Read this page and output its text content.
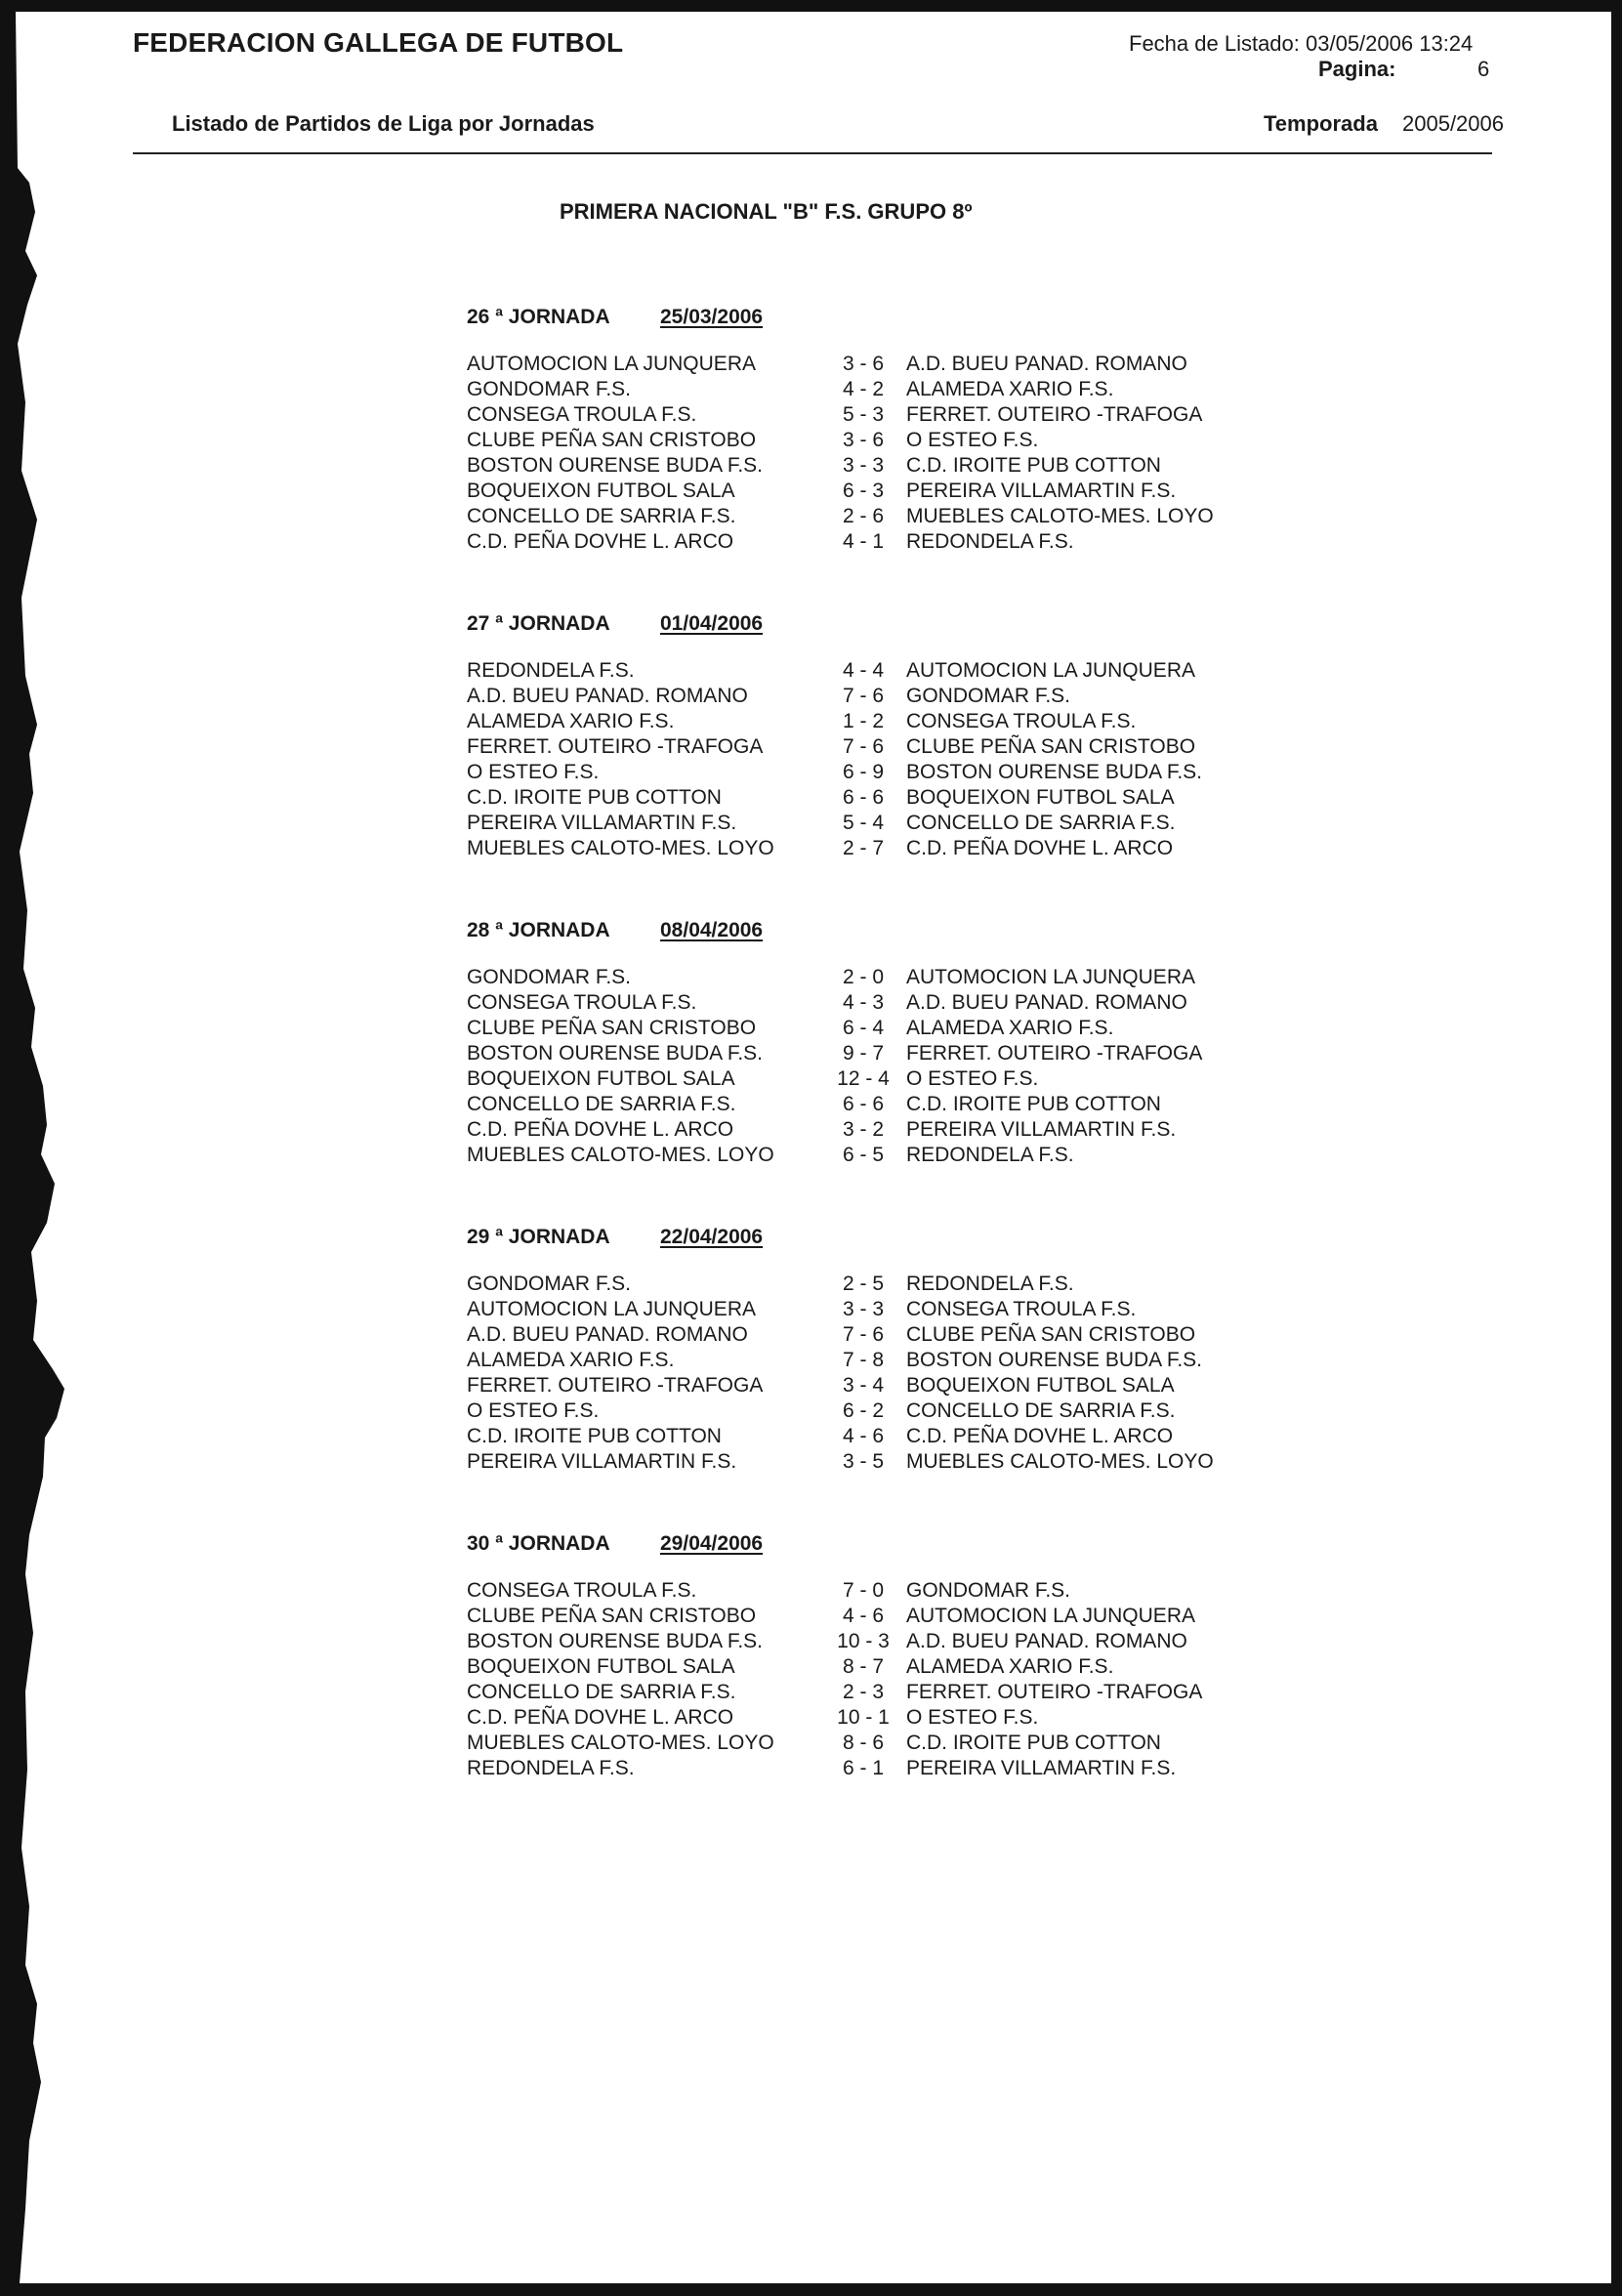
FEDERACION GALLEGA DE FUTBOL	Fecha de Listado: 03/05/2006 13:24
Pagina:	6
Listado de Partidos de Liga por Jornadas	Temporada 2005/2006
PRIMERA NACIONAL "B" F.S. GRUPO 8º
26 ª JORNADA 25/03/2006
AUTOMOCION LA JUNQUERA	3 - 6 A.D. BUEU PANAD. ROMANO
GONDOMAR F.S.	4 - 2 ALAMEDA XARIO F.S.
CONSEGA TROULA F.S.	5 - 3 FERRET. OUTEIRO -TRAFOGA
CLUBE PEÑA SAN CRISTOBO	3 - 6 O ESTEO F.S.
BOSTON OURENSE BUDA F.S.	3 - 3 C.D. IROITE PUB COTTON
BOQUEIXON FUTBOL SALA	6 - 3 PEREIRA VILLAMARTIN F.S.
CONCELLO DE SARRIA F.S.	2 - 6 MUEBLES CALOTO-MES. LOYO
C.D. PEÑA DOVHE L. ARCO	4 - 1 REDONDELA F.S.
27 ª JORNADA 01/04/2006
REDONDELA F.S.	4 - 4 AUTOMOCION LA JUNQUERA
A.D. BUEU PANAD. ROMANO	7 - 6 GONDOMAR F.S.
ALAMEDA XARIO F.S.	1 - 2 CONSEGA TROULA F.S.
FERRET. OUTEIRO -TRAFOGA	7 - 6 CLUBE PEÑA SAN CRISTOBO
O ESTEO F.S.	6 - 9 BOSTON OURENSE BUDA F.S.
C.D. IROITE PUB COTTON	6 - 6 BOQUEIXON FUTBOL SALA
PEREIRA VILLAMARTIN F.S.	5 - 4 CONCELLO DE SARRIA F.S.
MUEBLES CALOTO-MES. LOYO	2 - 7 C.D. PEÑA DOVHE L. ARCO
28 ª JORNADA 08/04/2006
GONDOMAR F.S.	2 - 0 AUTOMOCION LA JUNQUERA
CONSEGA TROULA F.S.	4 - 3 A.D. BUEU PANAD. ROMANO
CLUBE PEÑA SAN CRISTOBO	6 - 4 ALAMEDA XARIO F.S.
BOSTON OURENSE BUDA F.S.	9 - 7 FERRET. OUTEIRO -TRAFOGA
BOQUEIXON FUTBOL SALA	12 - 4 O ESTEO F.S.
CONCELLO DE SARRIA F.S.	6 - 6 C.D. IROITE PUB COTTON
C.D. PEÑA DOVHE L. ARCO	3 - 2 PEREIRA VILLAMARTIN F.S.
MUEBLES CALOTO-MES. LOYO	6 - 5 REDONDELA F.S.
29 ª JORNADA 22/04/2006
GONDOMAR F.S.	2 - 5 REDONDELA F.S.
AUTOMOCION LA JUNQUERA	3 - 3 CONSEGA TROULA F.S.
A.D. BUEU PANAD. ROMANO	7 - 6 CLUBE PEÑA SAN CRISTOBO
ALAMEDA XARIO F.S.	7 - 8 BOSTON OURENSE BUDA F.S.
FERRET. OUTEIRO -TRAFOGA	3 - 4 BOQUEIXON FUTBOL SALA
O ESTEO F.S.	6 - 2 CONCELLO DE SARRIA F.S.
C.D. IROITE PUB COTTON	4 - 6 C.D. PEÑA DOVHE L. ARCO
PEREIRA VILLAMARTIN F.S.	3 - 5 MUEBLES CALOTO-MES. LOYO
30 ª JORNADA 29/04/2006
CONSEGA TROULA F.S.	7 - 0 GONDOMAR F.S.
CLUBE PEÑA SAN CRISTOBO	4 - 6 AUTOMOCION LA JUNQUERA
BOSTON OURENSE BUDA F.S.	10 - 3 A.D. BUEU PANAD. ROMANO
BOQUEIXON FUTBOL SALA	8 - 7 ALAMEDA XARIO F.S.
CONCELLO DE SARRIA F.S.	2 - 3 FERRET. OUTEIRO -TRAFOGA
C.D. PEÑA DOVHE L. ARCO	10 - 1 O ESTEO F.S.
MUEBLES CALOTO-MES. LOYO	8 - 6 C.D. IROITE PUB COTTON
REDONDELA F.S.	6 - 1 PEREIRA VILLAMARTIN F.S.
